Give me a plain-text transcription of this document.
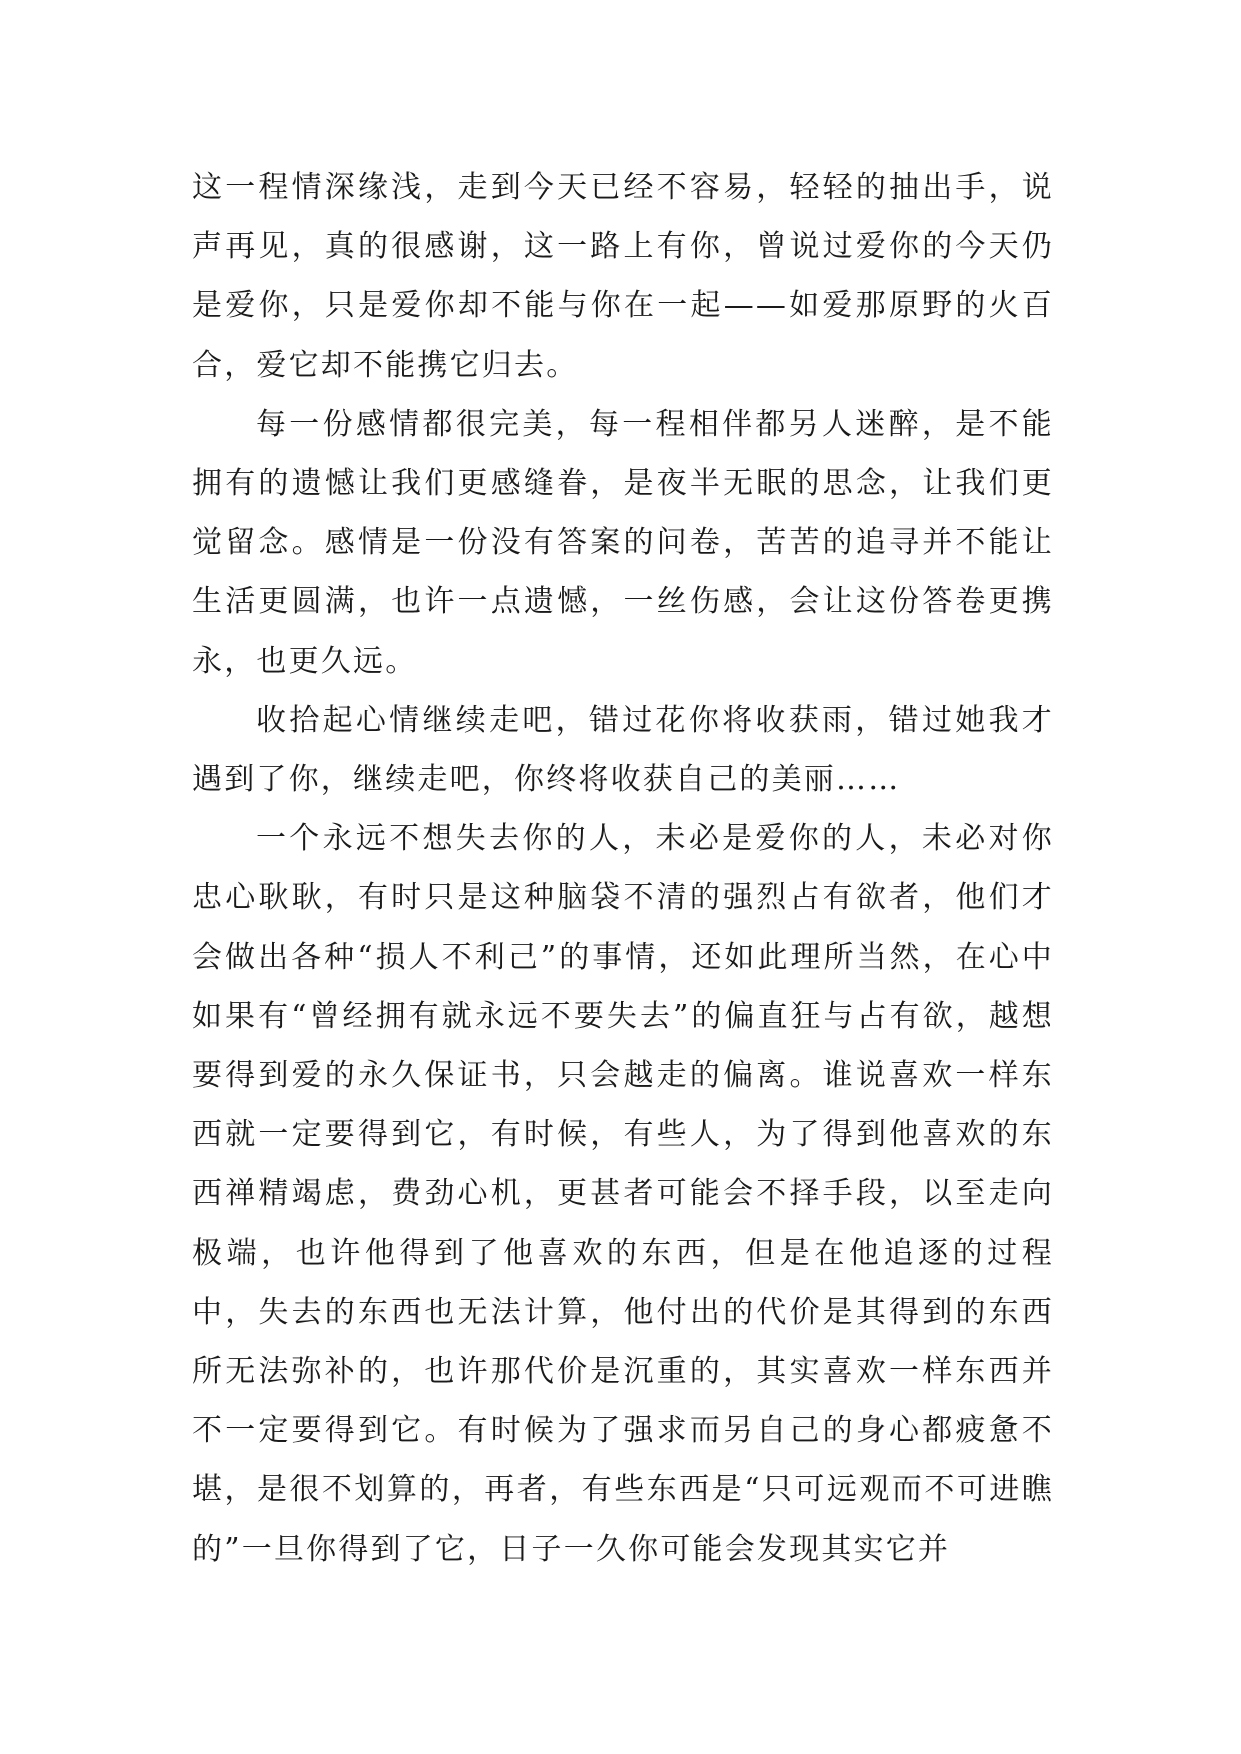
这一程情深缘浅，走到今天已经不容易，轻轻的抽出手，说声再见，真的很感谢，这一路上有你，曾说过爱你的今天仍是爱你，只是爱你却不能与你在一起——如爱那原野的火百合，爱它却不能携它归去。

每一份感情都很完美，每一程相伴都另人迷醉，是不能拥有的遗憾让我们更感缝眷，是夜半无眠的思念，让我们更觉留念。感情是一份没有答案的问卷，苦苦的追寻并不能让生活更圆满，也许一点遗憾，一丝伤感，会让这份答卷更携永，也更久远。

收拾起心情继续走吧，错过花你将收获雨，错过她我才遇到了你，继续走吧，你终将收获自己的美丽……

一个永远不想失去你的人，未必是爱你的人，未必对你忠心耿耿，有时只是这种脑袋不清的强烈占有欲者，他们才会做出各种“损人不利己”的事情，还如此理所当然，在心中如果有“曾经拥有就永远不要失去”的偏直狂与占有欲，越想要得到爱的永久保证书，只会越走的偏离。谁说喜欢一样东西就一定要得到它，有时候，有些人，为了得到他喜欢的东西禅精竭虑，费劲心机，更甚者可能会不择手段，以至走向极端，也许他得到了他喜欢的东西，但是在他追逐的过程中，失去的东西也无法计算，他付出的代价是其得到的东西所无法弥补的，也许那代价是沉重的，其实喜欢一样东西并不一定要得到它。有时候为了强求而另自己的身心都疲惫不堪，是很不划算的，再者，有些东西是“只可远观而不可进瞧的”一旦你得到了它，日子一久你可能会发现其实它并
